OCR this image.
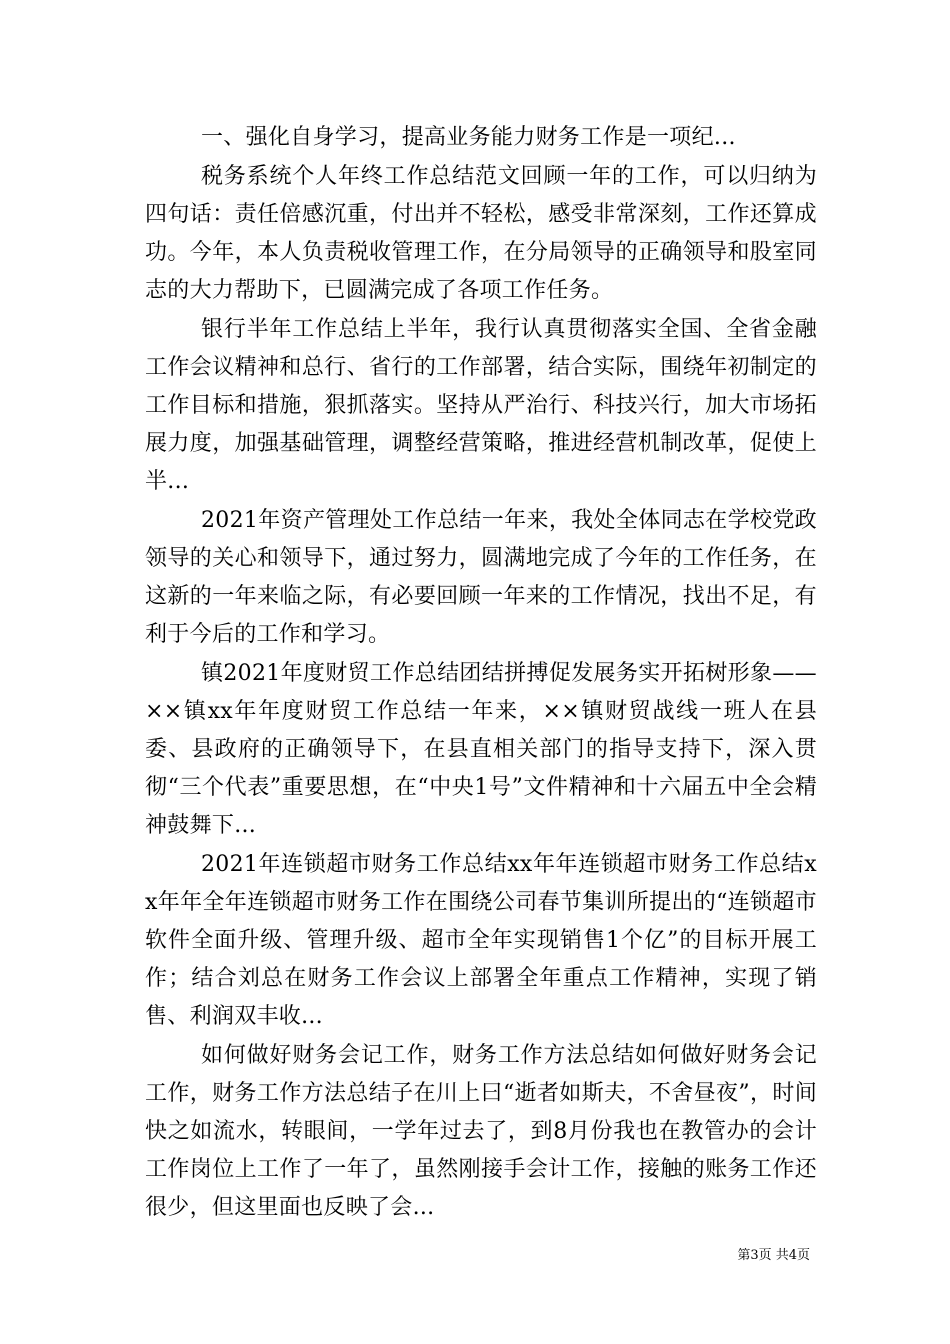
一、强化自身学习，提高业务能力财务工作是一项纪...

税务系统个人年终工作总结范文回顾一年的工作，可以归纳为四句话：责任倍感沉重，付出并不轻松，感受非常深刻，工作还算成功。今年，本人负责税收管理工作，在分局领导的正确领导和股室同志的大力帮助下，已圆满完成了各项工作任务。

银行半年工作总结上半年，我行认真贯彻落实全国、全省金融工作会议精神和总行、省行的工作部署，结合实际，围绕年初制定的工作目标和措施，狠抓落实。坚持从严治行、科技兴行，加大市场拓展力度，加强基础管理，调整经营策略，推进经营机制改革，促使上半...

2021年资产管理处工作总结一年来，我处全体同志在学校党政领导的关心和领导下，通过努力，圆满地完成了今年的工作任务，在这新的一年来临之际，有必要回顾一年来的工作情况，找出不足，有利于今后的工作和学习。

镇2021年度财贸工作总结团结拼搏促发展务实开拓树形象——××镇xx年年度财贸工作总结一年来，××镇财贸战线一班人在县委、县政府的正确领导下，在县直相关部门的指导支持下，深入贯彻“三个代表”重要思想，在“中央1号”文件精神和十六届五中全会精神鼓舞下...

2021年连锁超市财务工作总结xx年年连锁超市财务工作总结xx年年全年连锁超市财务工作在围绕公司春节集训所提出的“连锁超市软件全面升级、管理升级、超市全年实现销售1个亿”的目标开展工作；结合刘总在财务工作会议上部署全年重点工作精神，实现了销售、利润双丰收...

如何做好财务会记工作，财务工作方法总结如何做好财务会记工作，财务工作方法总结子在川上曰“逝者如斯夫，不舍昼夜”，时间快之如流水，转眼间，一学年过去了，到8月份我也在教管办的会计工作岗位上工作了一年了，虽然刚接手会计工作，接触的账务工作还很少，但这里面也反映了会...

第3页 共4页
